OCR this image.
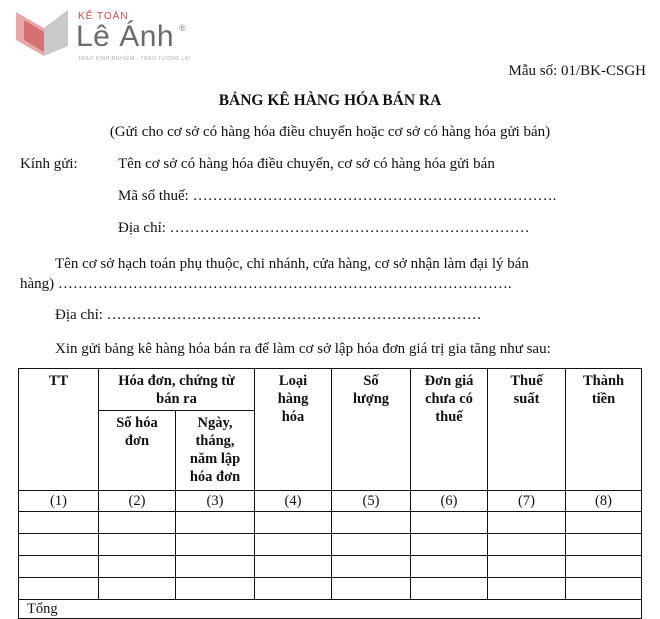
KẾ TOÁN
Lê Ánh ®
TRAO KINH NGHIỆM - TRAO TƯƠNG LAI
Mẫu số: 01/BK-CSGH
BẢNG KÊ HÀNG HÓA BÁN RA
(Gửi cho cơ sở có hàng hóa điều chuyển hoặc cơ sở có hàng hóa gửi bán)
Kính gửi:	Tên cơ sở có hàng hóa điều chuyển, cơ sở có hàng hóa gửi bán
Mã số thuế: ……………………………………………………………….
Địa chỉ: ………………………………………………………………
Tên cơ sở hạch toán phụ thuộc, chi nhánh, cửa hàng, cơ sở nhận làm đại lý bán
hàng) ……………………………………………………………………………….
Địa chỉ: …………………………………………………………………
Xin gửi bảng kê hàng hóa bán ra để làm cơ sở lập hóa đơn giá trị gia tăng như sau:
TT	Hóa đơn, chứng từ bán ra		Loại hàng hóa	Số lượng	Đơn giá chưa có thuế	Thuế suất	Thành tiền
	Số hóa đơn	Ngày, tháng, năm lập hóa đơn					
(1)	(2)	(3)	(4)	(5)	(6)	(7)	(8)

Tổng							
